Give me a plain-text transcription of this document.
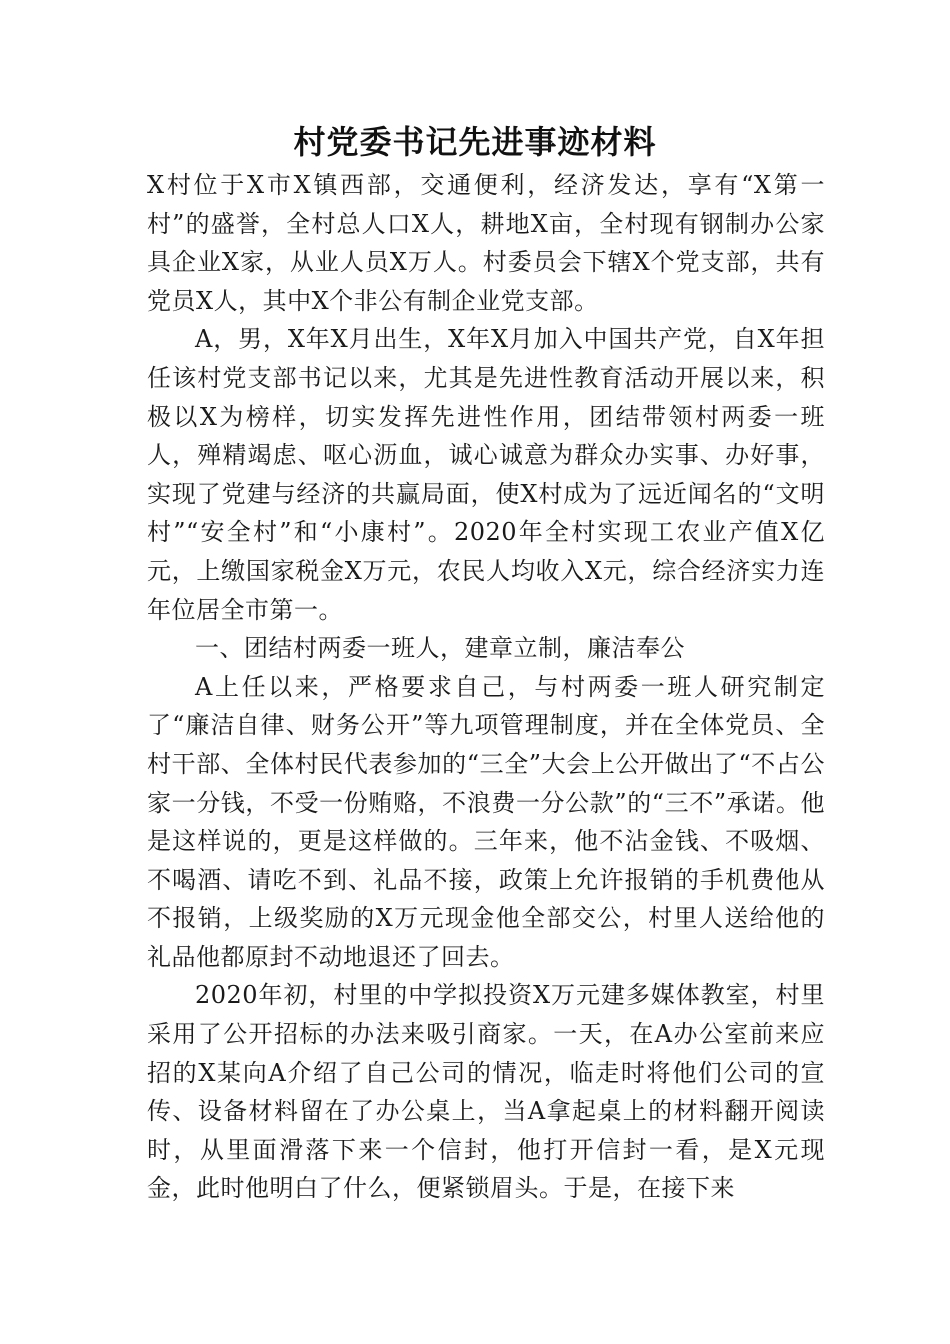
村党委书记先进事迹材料

X村位于X市X镇西部，交通便利，经济发达，享有“X第一村”的盛誉，全村总人口X人，耕地X亩，全村现有钢制办公家具企业X家，从业人员X万人。村委员会下辖X个党支部，共有党员X人，其中X个非公有制企业党支部。

A，男，X年X月出生，X年X月加入中国共产党，自X年担任该村党支部书记以来，尤其是先进性教育活动开展以来，积极以X为榜样，切实发挥先进性作用，团结带领村两委一班人，殚精竭虑、呕心沥血，诚心诚意为群众办实事、办好事，实现了党建与经济的共赢局面，使X村成为了远近闻名的“文明村”“安全村”和“小康村”。2020年全村实现工农业产值X亿元，上缴国家税金X万元，农民人均收入X元，综合经济实力连年位居全市第一。

一、团结村两委一班人，建章立制，廉洁奉公

A上任以来，严格要求自己，与村两委一班人研究制定了“廉洁自律、财务公开”等九项管理制度，并在全体党员、全村干部、全体村民代表参加的“三全”大会上公开做出了“不占公家一分钱，不受一份贿赂，不浪费一分公款”的“三不”承诺。他是这样说的，更是这样做的。三年来，他不沾金钱、不吸烟、不喝酒、请吃不到、礼品不接，政策上允许报销的手机费他从不报销，上级奖励的X万元现金他全部交公，村里人送给他的礼品他都原封不动地退还了回去。

2020年初，村里的中学拟投资X万元建多媒体教室，村里采用了公开招标的办法来吸引商家。一天，在A办公室前来应招的X某向A介绍了自己公司的情况，临走时将他们公司的宣传、设备材料留在了办公桌上，当A拿起桌上的材料翻开阅读时，从里面滑落下来一个信封，他打开信封一看，是X元现金，此时他明白了什么，便紧锁眉头。于是，在接下来
